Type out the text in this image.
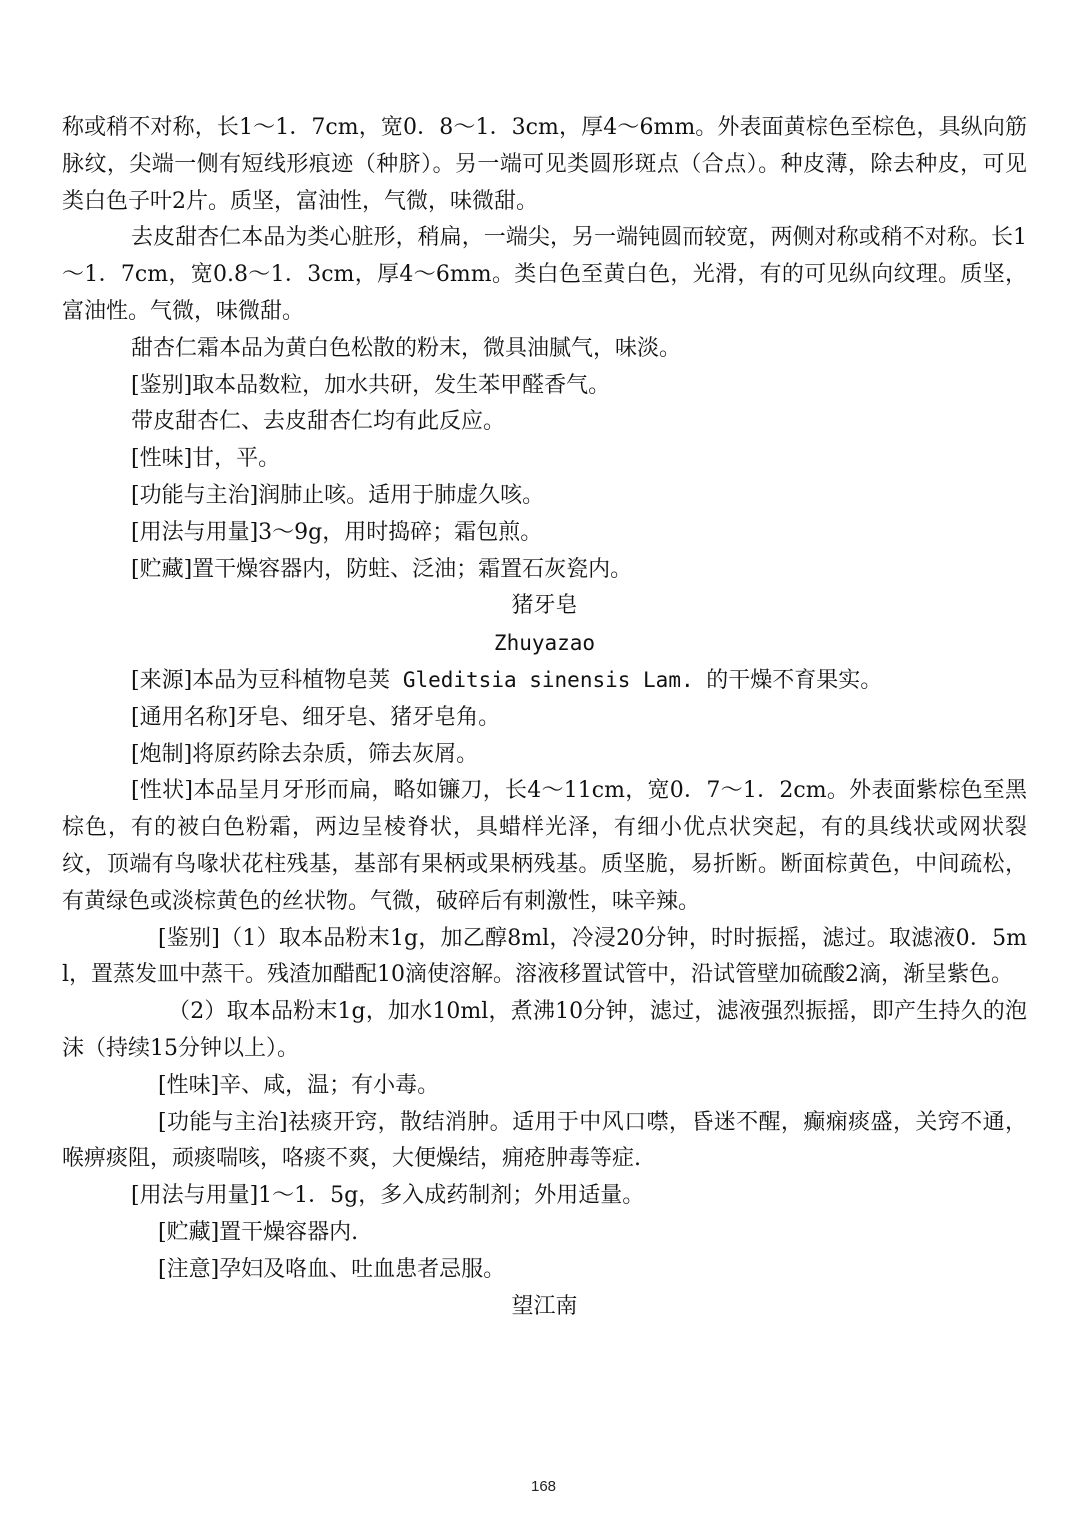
称或稍不对称，长1～1．7cm，宽0．8～1．3cm，厚4～6mm。外表面黄棕色至棕色，具纵向筋脉纹，尖端一侧有短线形痕迹（种脐）。另一端可见类圆形斑点（合点）。种皮薄，除去种皮，可见类白色子叶2片。质坚，富油性，气微，味微甜。

去皮甜杏仁本品为类心脏形，稍扁，一端尖，另一端钝圆而较宽，两侧对称或稍不对称。长1～1．7cm，宽0.8～1．3cm，厚4～6mm。类白色至黄白色，光滑，有的可见纵向纹理。质坚，富油性。气微，味微甜。

甜杏仁霜本品为黄白色松散的粉末，微具油腻气，味淡。

[鉴别]取本品数粒，加水共研，发生苯甲醛香气。

带皮甜杏仁、去皮甜杏仁均有此反应。

[性味]甘，平。

[功能与主治]润肺止咳。适用于肺虚久咳。

[用法与用量]3～9g，用时捣碎；霜包煎。

[贮藏]置干燥容器内，防蛀、泛油；霜置石灰瓷内。

猪牙皂

Zhuyazao

[来源]本品为豆科植物皂荚 Gleditsia sinensis Lam. 的干燥不育果实。

[通用名称]牙皂、细牙皂、猪牙皂角。

[炮制]将原药除去杂质，筛去灰屑。

[性状]本品呈月牙形而扁，略如镰刀，长4～11cm，宽0．7～1．2cm。外表面紫棕色至黑棕色，有的被白色粉霜，两边呈棱脊状，具蜡样光泽，有细小优点状突起，有的具线状或网状裂纹，顶端有鸟喙状花柱残基，基部有果柄或果柄残基。质坚脆，易折断。断面棕黄色，中间疏松，有黄绿色或淡棕黄色的丝状物。气微，破碎后有刺激性，味辛辣。

[鉴别]（1）取本品粉末1g，加乙醇8ml，冷浸20分钟，时时振摇，滤过。取滤液0．5ml，置蒸发皿中蒸干。残渣加醋配10滴使溶解。溶液移置试管中，沿试管壁加硫酸2滴，渐呈紫色。

（2）取本品粉末1g，加水10ml，煮沸10分钟，滤过，滤液强烈振摇，即产生持久的泡沫（持续15分钟以上）。

[性味]辛、咸，温；有小毒。

[功能与主治]祛痰开窍，散结消肿。适用于中风口噤，昏迷不醒，癫痫痰盛，关窍不通，喉痹痰阻，顽痰喘咳，咯痰不爽，大便燥结，痈疮肿毒等症.

[用法与用量]1～1．5g，多入成药制剂；外用适量。

[贮藏]置干燥容器内.

[注意]孕妇及咯血、吐血患者忌服。

望江南

168
